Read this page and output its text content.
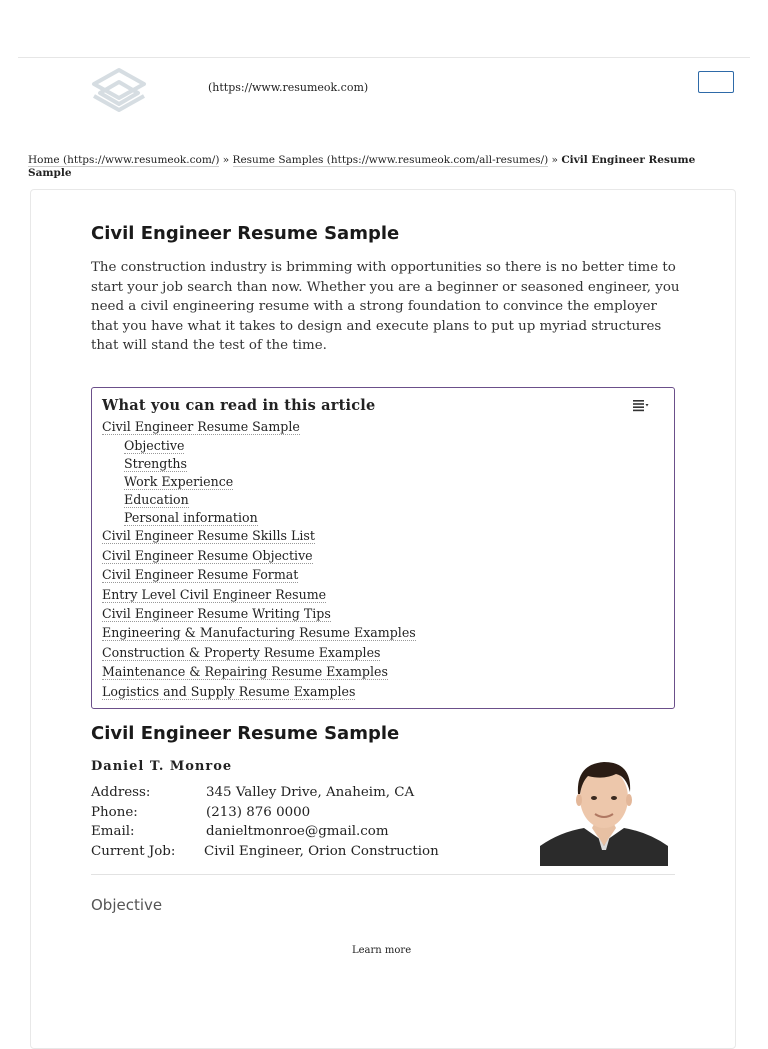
(https://www.resumeok.com)
Home (https://www.resumeok.com/) » Resume Samples (https://www.resumeok.com/all-resumes/) » Civil Engineer Resume Sample
Civil Engineer Resume Sample

The construction industry is brimming with opportunities so there is no better time to start your job search than now. Whether you are a beginner or seasoned engineer, you need a civil engineering resume with a strong foundation to convince the employer that you have what it takes to design and execute plans to put up myriad structures that will stand the test of the time.

What you can read in this article
Civil Engineer Resume Sample
Objective
Strengths
Work Experience
Education
Personal information
Civil Engineer Resume Skills List
Civil Engineer Resume Objective
Civil Engineer Resume Format
Entry Level Civil Engineer Resume
Civil Engineer Resume Writing Tips
Engineering & Manufacturing Resume Examples
Construction & Property Resume Examples
Maintenance & Repairing Resume Examples
Logistics and Supply Resume Examples
Civil Engineer Resume Sample
Daniel T. Monroe
Address:	345 Valley Drive, Anaheim, CA
Phone:	(213) 876 0000
Email:	danieltmonroe@gmail.com
Current Job: Civil Engineer, Orion Construction
Objective
Learn more
